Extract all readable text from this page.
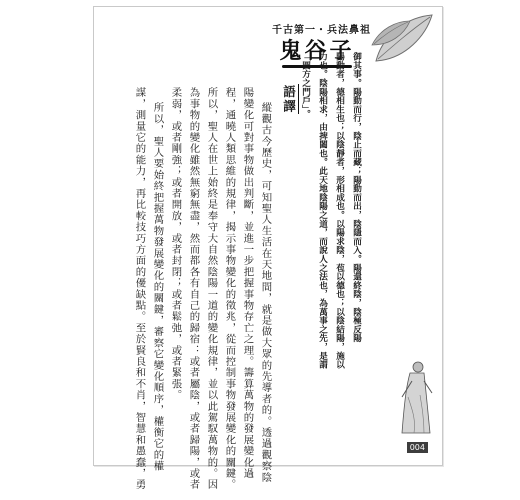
千古第一・兵法鼻祖
鬼谷子
御其事。陽動而行，陰止而藏；陽動而出，陰隱而入。陽還終陰，陰極反陽
陽動者，德相生也；以陰靜者，形相成也。以陽求陰，苞以德也；以陰結陽，施以
力也。陰陽相求，由捭闔也。此天地陰陽之道，而說人之法也，為萬事之先，是謂
「圓方之門戶」。
語譯
縱觀古今歷史，可知聖人生活在天地間，就是做大眾的先導者的。透過觀察陰
陽變化可對事物做出判斷，並進一步把握事物存亡之理。籌算萬物的發展變化過
程，通曉人類思維的規律，揭示事物變化的徵兆，從而控制事物發展變化的關鍵。
所以，聖人在世上始終是奉守大自然陰陽一道的變化規律，並以此駕馭萬物的。因
為事物的變化雖然無窮無盡，然而都各有自己的歸宿：或者屬陰，或者歸陽，或者
柔弱，或者剛強；或者開放，或者封閉；或者鬆弛，或者緊張。
所以，聖人要始終把握萬物發展變化的關鍵，審察它變化順序，權衡它的權
謀，測量它的能力，再比較技巧方面的優缺點。至於賢良和不肖，智慧和愚蠢，勇	004
